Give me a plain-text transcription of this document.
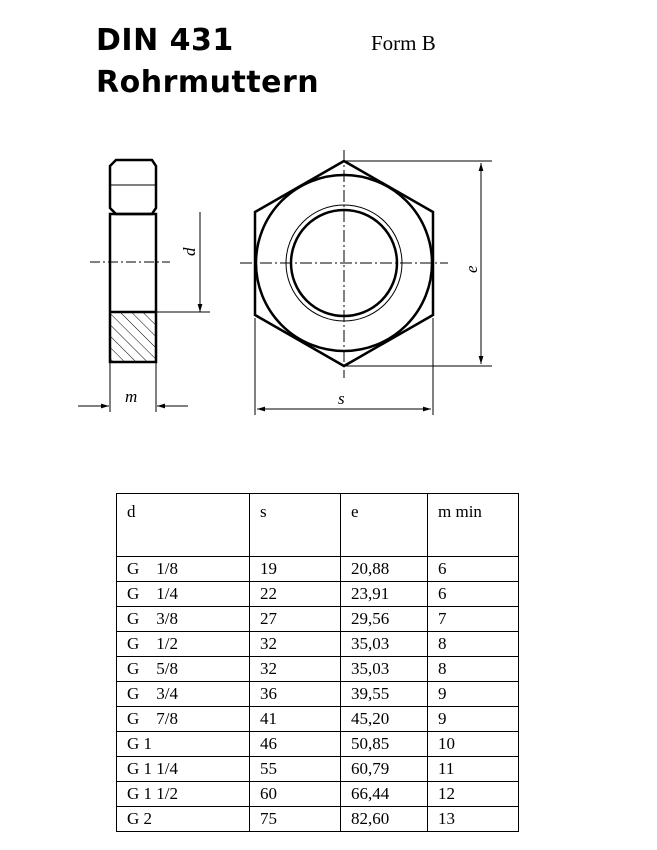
DIN 431
Rohrmuttern
Form B
d
m
e
s
d	s	e	m min
G    1/8	19	20,88	6
G    1/4	22	23,91	6
G    3/8	27	29,56	7
G    1/2	32	35,03	8
G    5/8	32	35,03	8
G    3/4	36	39,55	9
G    7/8	41	45,20	9
G 1	46	50,85	10
G 1 1/4	55	60,79	11
G 1 1/2	60	66,44	12
G 2	75	82,60	13
